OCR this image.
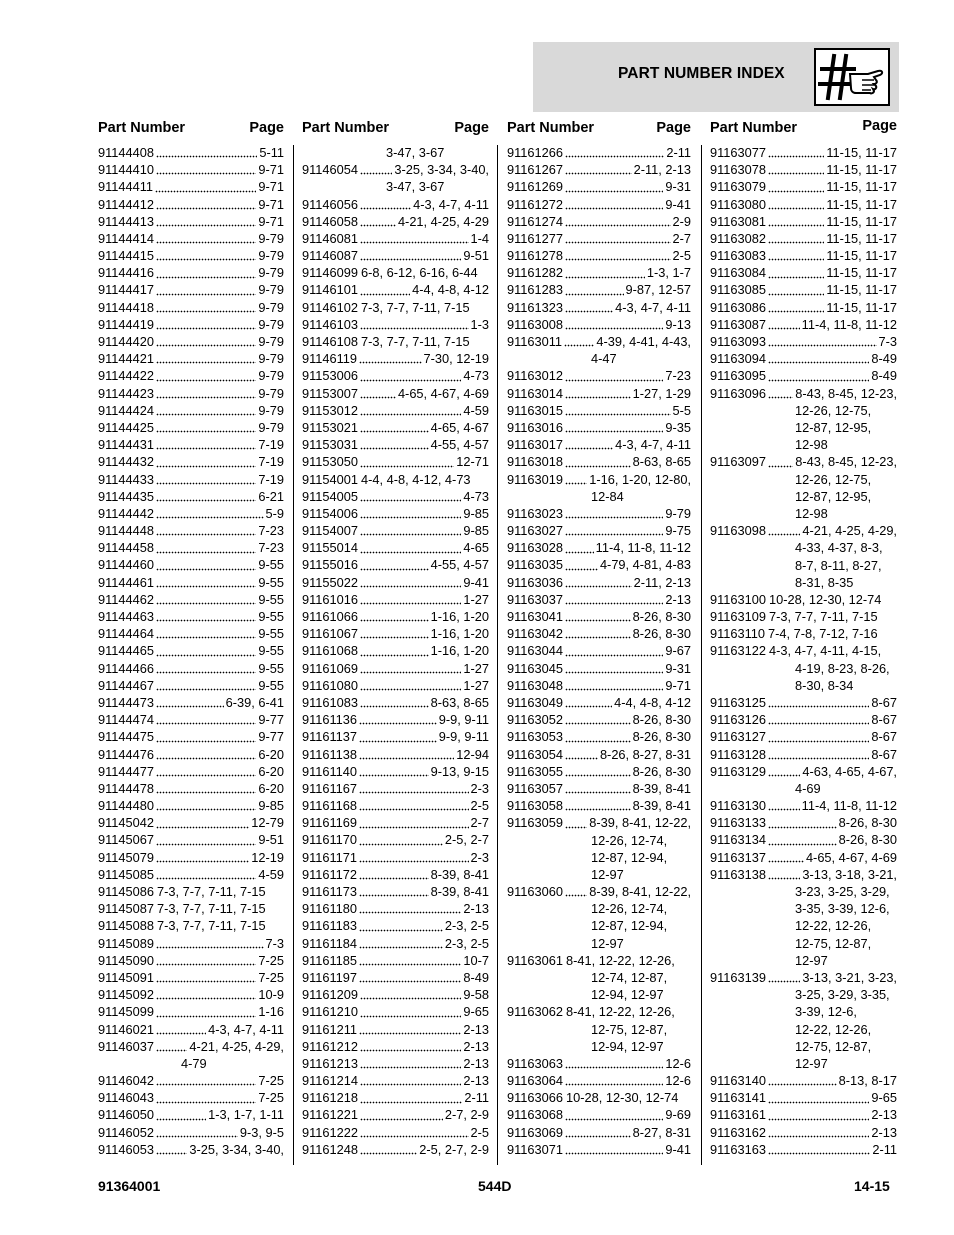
PART NUMBER INDEX
Part Number	Page
91144408	5-11
91144410	9-71
91144411	9-71
91144412	9-71
91144413	9-71
91144414	9-79
91144415	9-79
91144416	9-79
91144417	9-79
91144418	9-79
91144419	9-79
91144420	9-79
91144421	9-79
91144422	9-79
91144423	9-79
91144424	9-79
91144425	9-79
91144431	7-19
91144432	7-19
91144433	7-19
91144435	6-21
91144442	5-9
91144448	7-23
91144458	7-23
91144460	9-55
91144461	9-55
91144462	9-55
91144463	9-55
91144464	9-55
91144465	9-55
91144466	9-55
91144467	9-55
91144473	6-39, 6-41
91144474	9-77
91144475	9-77
91144476	6-20
91144477	6-20
91144478	6-20
91144480	9-85
91145042	12-79
91145067	9-51
91145079	12-19
91145085	4-59
91145086 7-3, 7-7, 7-11, 7-15
91145087 7-3, 7-7, 7-11, 7-15
91145088 7-3, 7-7, 7-11, 7-15
91145089	7-3
91145090	7-25
91145091	7-25
91145092	10-9
91145099	1-16
91146021	4-3, 4-7, 4-11
91146037	4-21, 4-25, 4-29,
4-79
91146042	7-25
91146043	7-25
91146050	1-3, 1-7, 1-11
91146052	9-3, 9-5
91146053	3-25, 3-34, 3-40,
Part Number	Page
3-47, 3-67
91146054	3-25, 3-34, 3-40,
3-47, 3-67
91146056	4-3, 4-7, 4-11
91146058	4-21, 4-25, 4-29
91146081	1-4
91146087	9-51
91146099 6-8, 6-12, 6-16, 6-44
91146101	4-4, 4-8, 4-12
91146102 7-3, 7-7, 7-11, 7-15
91146103	1-3
91146108 7-3, 7-7, 7-11, 7-15
91146119	7-30, 12-19
91153006	4-73
91153007	4-65, 4-67, 4-69
91153012	4-59
91153021	4-65, 4-67
91153031	4-55, 4-57
91153050	12-71
91154001 4-4, 4-8, 4-12, 4-73
91154005	4-73
91154006	9-85
91154007	9-85
91155014	4-65
91155016	4-55, 4-57
91155022	9-41
91161016	1-27
91161066	1-16, 1-20
91161067	1-16, 1-20
91161068	1-16, 1-20
91161069	1-27
91161080	1-27
91161083	8-63, 8-65
91161136	9-9, 9-11
91161137	9-9, 9-11
91161138	12-94
91161140	9-13, 9-15
91161167	2-3
91161168	2-5
91161169	2-7
91161170	2-5, 2-7
91161171	2-3
91161172	8-39, 8-41
91161173	8-39, 8-41
91161180	2-13
91161183	2-3, 2-5
91161184	2-3, 2-5
91161185	10-7
91161197	8-49
91161209	9-58
91161210	9-65
91161211	2-13
91161212	2-13
91161213	2-13
91161214	2-13
91161218	2-11
91161221	2-7, 2-9
91161222	2-5
91161248	2-5, 2-7, 2-9
Part Number	Page
91161266	2-11
91161267	2-11, 2-13
91161269	9-31
91161272	9-41
91161274	2-9
91161277	2-7
91161278	2-5
91161282	1-3, 1-7
91161283	9-87, 12-57
91161323	4-3, 4-7, 4-11
91163008	9-13
91163011	4-39, 4-41, 4-43,
4-47
91163012	7-23
91163014	1-27, 1-29
91163015	5-5
91163016	9-35
91163017	4-3, 4-7, 4-11
91163018	8-63, 8-65
91163019 1-16, 1-20, 12-80,
12-84
91163023	9-79
91163027	9-75
91163028	11-4, 11-8, 11-12
91163035	4-79, 4-81, 4-83
91163036	2-11, 2-13
91163037	2-13
91163041	8-26, 8-30
91163042	8-26, 8-30
91163044	9-67
91163045	9-31
91163048	9-71
91163049	4-4, 4-8, 4-12
91163052	8-26, 8-30
91163053	8-26, 8-30
91163054	8-26, 8-27, 8-31
91163055	8-26, 8-30
91163057	8-39, 8-41
91163058	8-39, 8-41
91163059 8-39, 8-41, 12-22,
12-26, 12-74,
12-87, 12-94,
12-97
91163060 8-39, 8-41, 12-22,
12-26, 12-74,
12-87, 12-94,
12-97
91163061 8-41, 12-22, 12-26,
12-74, 12-87,
12-94, 12-97
91163062 8-41, 12-22, 12-26,
12-75, 12-87,
12-94, 12-97
91163063	12-6
91163064	12-6
91163066 10-28, 12-30, 12-74
91163068	9-69
91163069	8-27, 8-31
91163071	9-41
Part Number	Page
91163077	11-15, 11-17
91163078	11-15, 11-17
91163079	11-15, 11-17
91163080	11-15, 11-17
91163081	11-15, 11-17
91163082	11-15, 11-17
91163083	11-15, 11-17
91163084	11-15, 11-17
91163085	11-15, 11-17
91163086	11-15, 11-17
91163087	11-4, 11-8, 11-12
91163093	7-3
91163094	8-49
91163095	8-49
91163096 8-43, 8-45, 12-23,
12-26, 12-75,
12-87, 12-95,
12-98
91163097 8-43, 8-45, 12-23,
12-26, 12-75,
12-87, 12-95,
12-98
91163098	4-21, 4-25, 4-29,
4-33, 4-37, 8-3,
8-7, 8-11, 8-27,
8-31, 8-35
91163100 10-28, 12-30, 12-74
91163109 7-3, 7-7, 7-11, 7-15
91163110 7-4, 7-8, 7-12, 7-16
91163122 4-3, 4-7, 4-11, 4-15,
4-19, 8-23, 8-26,
8-30, 8-34
91163125	8-67
91163126	8-67
91163127	8-67
91163128	8-67
91163129	4-63, 4-65, 4-67,
4-69
91163130	11-4, 11-8, 11-12
91163133	8-26, 8-30
91163134	8-26, 8-30
91163137	4-65, 4-67, 4-69
91163138	3-13, 3-18, 3-21,
3-23, 3-25, 3-29,
3-35, 3-39, 12-6,
12-22, 12-26,
12-75, 12-87,
12-97
91163139	3-13, 3-21, 3-23,
3-25, 3-29, 3-35,
3-39, 12-6,
12-22, 12-26,
12-75, 12-87,
12-97
91163140	8-13, 8-17
91163141	9-65
91163161	2-13
91163162	2-13
91163163	2-11
91364001	544D	14-15
